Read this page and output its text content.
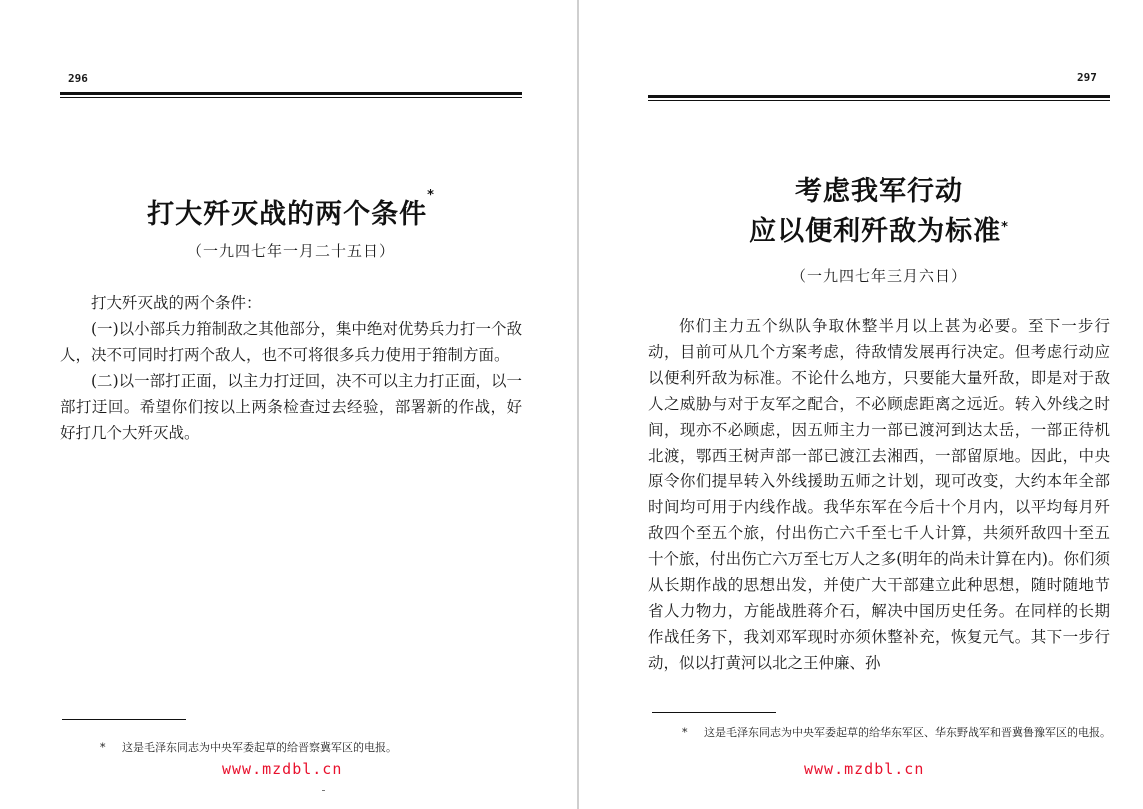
296
打大歼灭战的两个条件*
（一九四七年一月二十五日）

打大歼灭战的两个条件：

(一)以小部兵力箝制敌之其他部分，集中绝对优势兵力打一个敌人，决不可同时打两个敌人，也不可将很多兵力使用于箝制方面。

(二)以一部打正面，以主力打迂回，决不可以主力打正面，以一部打迂回。希望你们按以上两条检查过去经验，部署新的作战，好好打几个大歼灭战。

* 这是毛泽东同志为中央军委起草的给晋察冀军区的电报。
www.mzdbl.cn
297
考虑我军行动
应以便利歼敌为标准*
（一九四七年三月六日）

你们主力五个纵队争取休整半月以上甚为必要。至下一步行动，目前可从几个方案考虑，待敌情发展再行决定。但考虑行动应以便利歼敌为标准。不论什么地方，只要能大量歼敌，即是对于敌人之威胁与对于友军之配合，不必顾虑距离之远近。转入外线之时间，现亦不必顾虑，因五师主力一部已渡河到达太岳，一部正待机北渡，鄂西王树声部一部已渡江去湘西，一部留原地。因此，中央原令你们提早转入外线援助五师之计划，现可改变，大约本年全部时间均可用于内线作战。我华东军在今后十个月内，以平均每月歼敌四个至五个旅，付出伤亡六千至七千人计算，共须歼敌四十至五十个旅，付出伤亡六万至七万人之多(明年的尚未计算在内)。你们须从长期作战的思想出发，并使广大干部建立此种思想，随时随地节省人力物力，方能战胜蒋介石，解决中国历史任务。在同样的长期作战任务下，我刘邓军现时亦须休整补充，恢复元气。其下一步行动，似以打黄河以北之王仲廉、孙

* 这是毛泽东同志为中央军委起草的给华东军区、华东野战军和晋冀鲁豫军区的电报。
www.mzdbl.cn
